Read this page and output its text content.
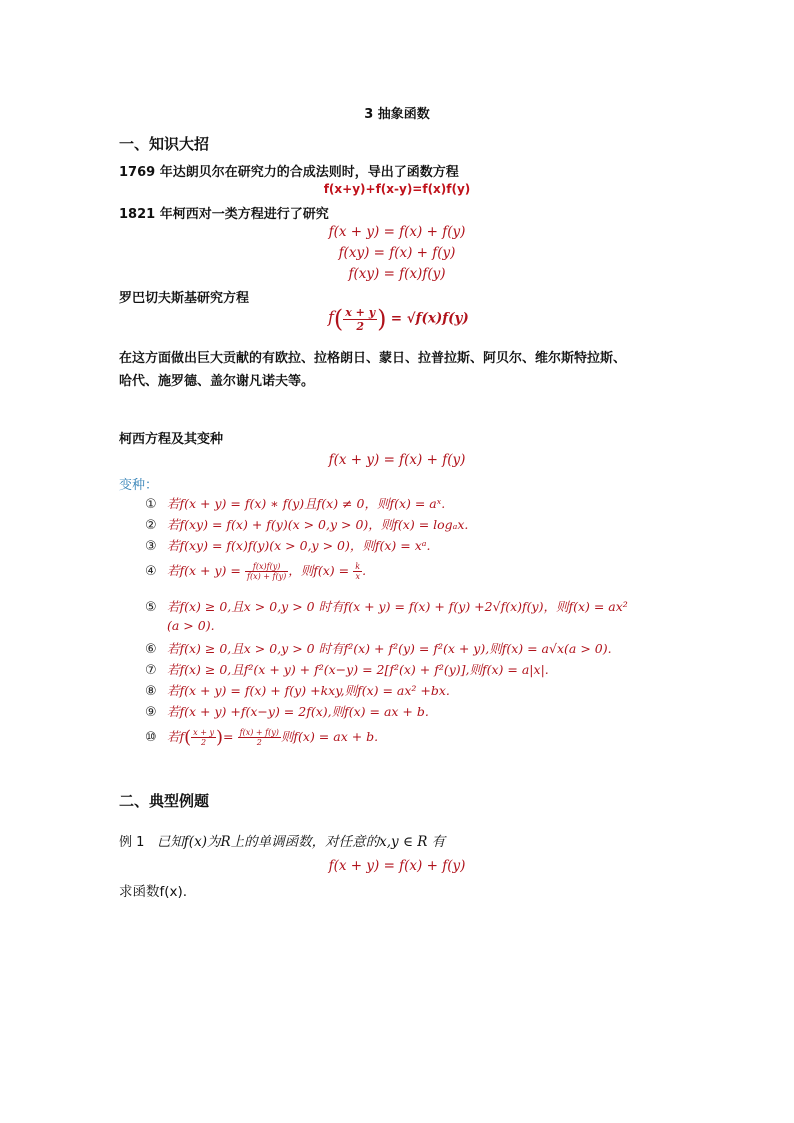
3 抽象函数
一、知识大招
1769 年达朗贝尔在研究力的合成法则时，导出了函数方程
f(x+y)+f(x-y)=f(x)f(y)
1821 年柯西对一类方程进行了研究
f(x + y) = f(x) + f(y)
f(xy) = f(x) + f(y)
f(xy) = f(x)f(y)
罗巴切夫斯基研究方程
$f( \frac{x + y}{2}$ ) = √f(x)f(y)
在这方面做出巨大贡献的有欧拉、拉格朗日、蒙日、拉普拉斯、阿贝尔、维尔斯特拉斯、
哈代、施罗德、盖尔谢凡诺夫等。
柯西方程及其变种
f(x + y) = f(x) + f(y)
变种：
① 若f(x + y) = f(x) ∗ f(y)且f(x) ≠ 0，则f(x) = aˣ.
② 若f(xy) = f(x) + f(y)(x > 0,y > 0)，则f(x) = logₐx.
③ 若f(xy) = f(x)f(y)(x > 0,y > 0)，则f(x) = xᵃ.
④ 若$f(x + y) = \frac{f(x)f(y)}{f(x) + f(y)}$ ，则$f(x) = \frac{k}{x}$ .
⑤ 若f(x) ≥ 0,且x > 0,y > 0 时有f(x + y) = f(x) + f(y) +2√f(x)f(y)，则f(x) = ax²
(a > 0).
⑥ 若f(x) ≥ 0,且x > 0,y > 0 时有f²(x) + f²(y) = f²(x + y),则f(x) = a√x(a > 0).
⑦ 若f(x) ≥ 0,且f²(x + y) + f²(x−y) = 2[f²(x) + f²(y)],则f(x) = a|x|.
⑧ 若f(x + y) = f(x) + f(y) +kxy,则f(x) = ax² +bx.
⑨ 若f(x + y) +f(x−y) = 2f(x),则f(x) = ax + b.
⑩ 若$f( \frac{x + y}{2}$ )= $\frac{f(x) + f(y)}{2}$ 则f(x) = ax + b.
二、典型例题
例 1 已知f(x)为R上的单调函数，对任意的x,y ∈ R 有
f(x + y) = f(x) + f(y)
求函数f(x).
